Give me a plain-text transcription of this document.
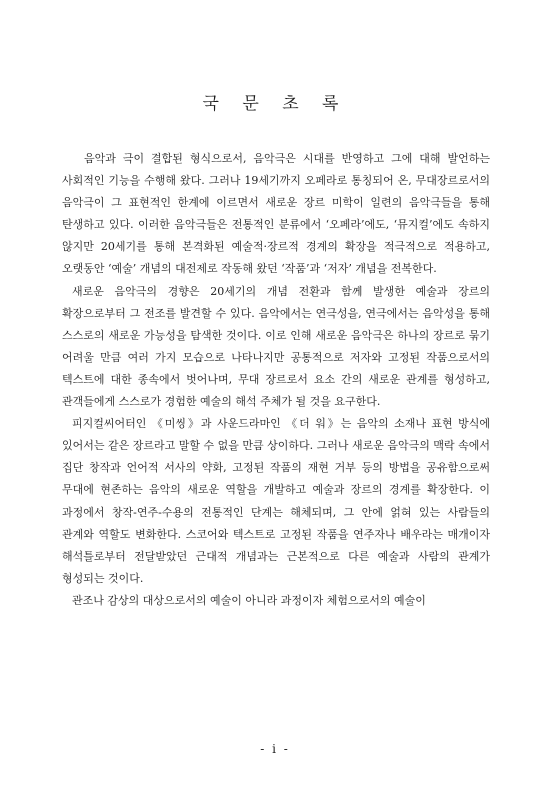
국 문 초 록

음악과 극이 결합된 형식으로서, 음악극은 시대를 반영하고 그에 대해 발언하는 사회적인 기능을 수행해 왔다. 그러나 19세기까지 오페라로 통칭되어 온, 무대장르로서의 음악극이 그 표현적인 한계에 이르면서 새로운 장르 미학이 일련의 음악극들을 통해 탄생하고 있다. 이러한 음악극들은 전통적인 분류에서 ‘오페라’에도, ‘뮤지컬’에도 속하지 않지만 20세기를 통해 본격화된 예술적·장르적 경계의 확장을 적극적으로 적용하고, 오랫동안 ‘예술’ 개념의 대전제로 작동해 왔던 ‘작품’과 ‘저자’ 개념을 전복한다.

새로운 음악극의 경향은 20세기의 개념 전환과 함께 발생한 예술과 장르의 확장으로부터 그 전조를 발견할 수 있다. 음악에서는 연극성을, 연극에서는 음악성을 통해 스스로의 새로운 가능성을 탐색한 것이다. 이로 인해 새로운 음악극은 하나의 장르로 묶기 어려울 만큼 여러 가지 모습으로 나타나지만 공통적으로 저자와 고정된 작품으로서의 텍스트에 대한 종속에서 벗어나며, 무대 장르로서 요소 간의 새로운 관계를 형성하고, 관객들에게 스스로가 경험한 예술의 해석 주체가 될 것을 요구한다.

피지컬씨어터인 《미씽》과 사운드라마인 《더 워》는 음악의 소재나 표현 방식에 있어서는 같은 장르라고 말할 수 없을 만큼 상이하다. 그러나 새로운 음악극의 맥락 속에서 집단 창작과 언어적 서사의 약화, 고정된 작품의 재현 거부 등의 방법을 공유함으로써 무대에 현존하는 음악의 새로운 역할을 개발하고 예술과 장르의 경계를 확장한다. 이 과정에서 창작-연주-수용의 전통적인 단계는 해체되며, 그 안에 얽혀 있는 사람들의 관계와 역할도 변화한다. 스코어와 텍스트로 고정된 작품을 연주자나 배우라는 매개이자 해석틀로부터 전달받았던 근대적 개념과는 근본적으로 다른 예술과 사람의 관계가 형성되는 것이다.

관조나 감상의 대상으로서의 예술이 아니라 과정이자 체험으로서의 예술이

- i -
